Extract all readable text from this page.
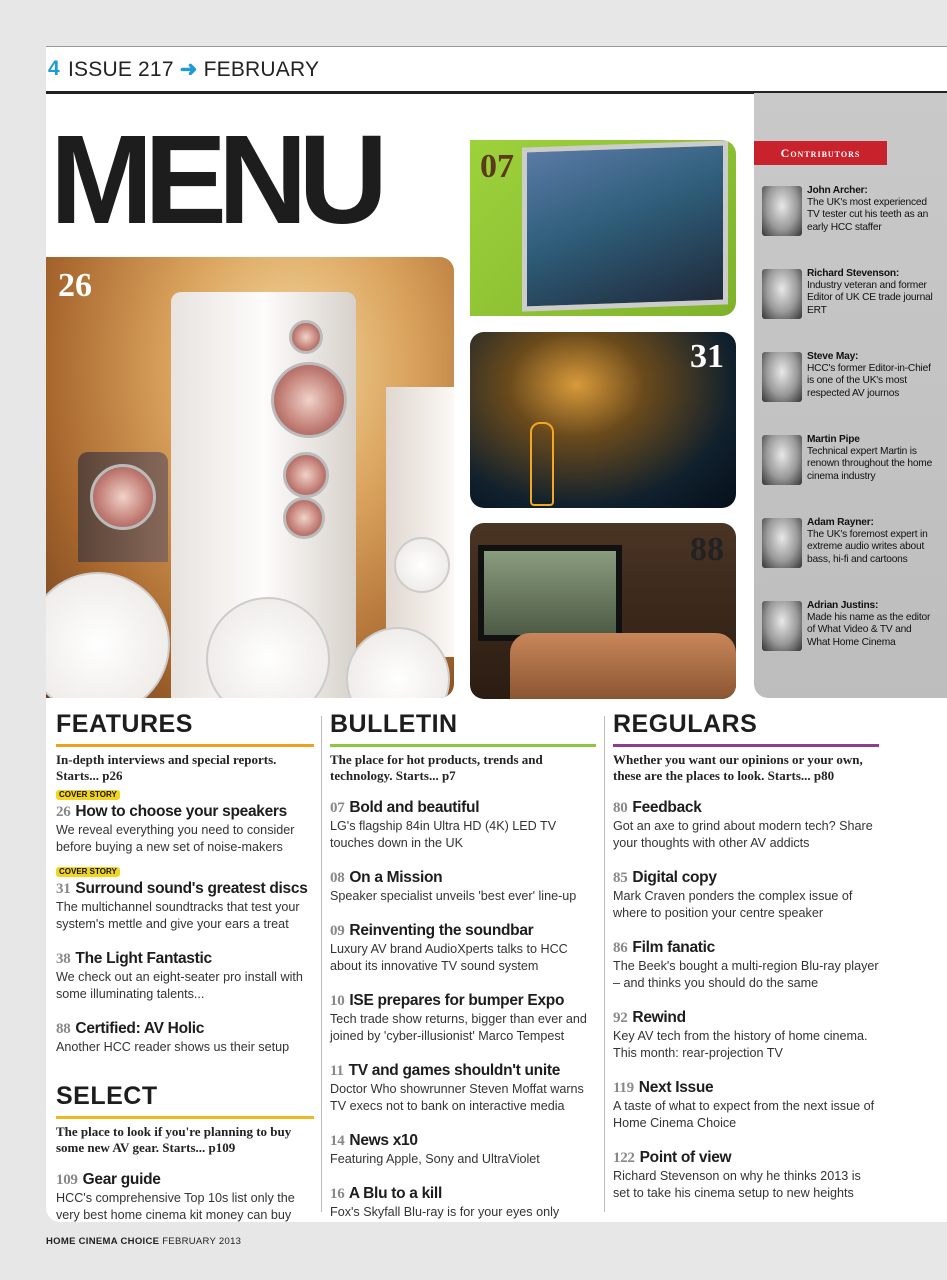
4 ISSUE 217 ➜ FEBRUARY
MENU
26
07
31
88
Contributors
John Archer:
The UK's most experienced TV tester cut his teeth as an early HCC staffer
Richard Stevenson:
Industry veteran and former Editor of UK CE trade journal ERT
Steve May:
HCC's former Editor-in-Chief is one of the UK's most respected AV journos
Martin Pipe
Technical expert Martin is renown throughout the home cinema industry
Adam Rayner:
The UK's foremost expert in extreme audio writes about bass, hi-fi and cartoons
Adrian Justins:
Made his name as the editor of What Video & TV and What Home Cinema
FEATURES
In-depth interviews and special reports. Starts... p26
COVER STORY
26 How to choose your speakers
We reveal everything you need to consider before buying a new set of noise-makers
COVER STORY
31 Surround sound's greatest discs
The multichannel soundtracks that test your system's mettle and give your ears a treat
38 The Light Fantastic
We check out an eight-seater pro install with some illuminating talents...
88 Certified: AV Holic
Another HCC reader shows us their setup
SELECT
The place to look if you're planning to buy some new AV gear. Starts... p109
109 Gear guide
HCC's comprehensive Top 10s list only the very best home cinema kit money can buy
BULLETIN
The place for hot products, trends and technology. Starts... p7
07 Bold and beautiful
LG's flagship 84in Ultra HD (4K) LED TV touches down in the UK
08 On a Mission
Speaker specialist unveils 'best ever' line-up
09 Reinventing the soundbar
Luxury AV brand AudioXperts talks to HCC about its innovative TV sound system
10 ISE prepares for bumper Expo
Tech trade show returns, bigger than ever and joined by 'cyber-illusionist' Marco Tempest
11 TV and games shouldn't unite
Doctor Who showrunner Steven Moffat warns TV execs not to bank on interactive media
14 News x10
Featuring Apple, Sony and UltraViolet
16 A Blu to a kill
Fox's Skyfall Blu-ray is for your eyes only
REGULARS
Whether you want our opinions or your own, these are the places to look. Starts... p80
80 Feedback
Got an axe to grind about modern tech? Share your thoughts with other AV addicts
85 Digital copy
Mark Craven ponders the complex issue of where to position your centre speaker
86 Film fanatic
The Beek's bought a multi-region Blu-ray player – and thinks you should do the same
92 Rewind
Key AV tech from the history of home cinema. This month: rear-projection TV
119 Next Issue
A taste of what to expect from the next issue of Home Cinema Choice
122 Point of view
Richard Stevenson on why he thinks 2013 is set to take his cinema setup to new heights
HOME CINEMA CHOICE FEBRUARY 2013
